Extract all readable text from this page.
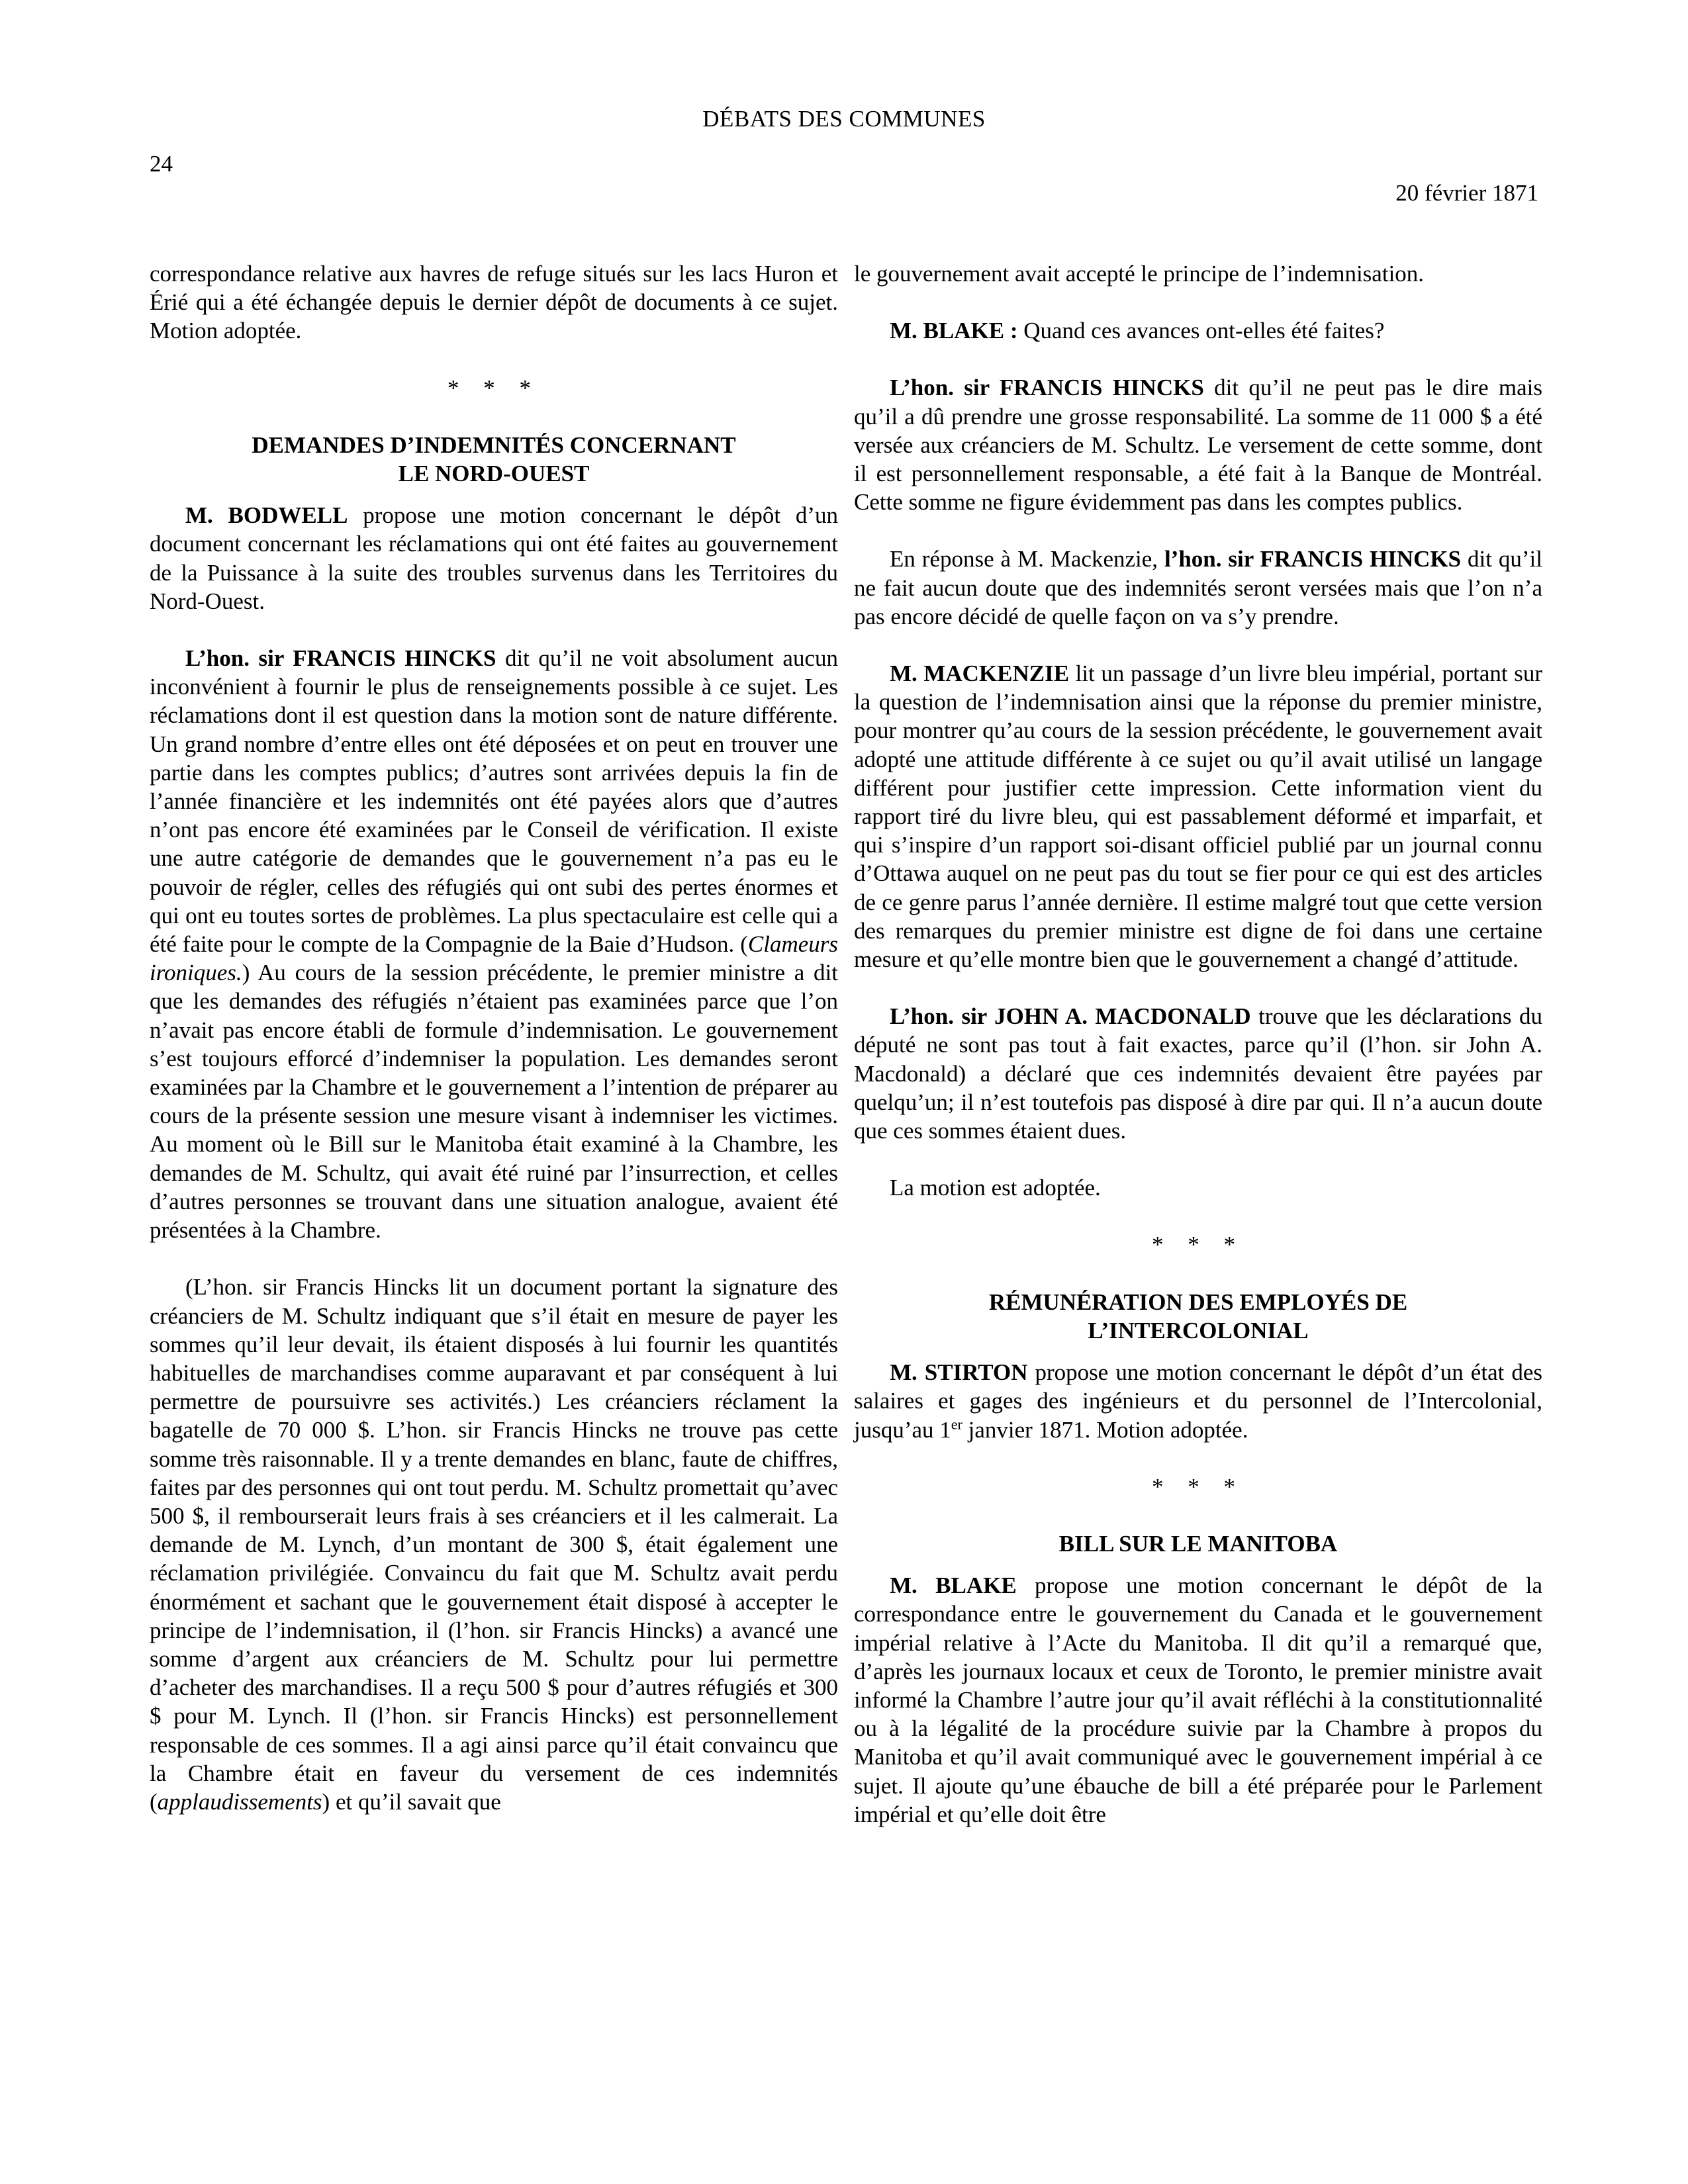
DÉBATS DES COMMUNES
24
20 février 1871

correspondance relative aux havres de refuge situés sur les lacs Huron et Érié qui a été échangée depuis le dernier dépôt de documents à ce sujet. Motion adoptée.

* * *
DEMANDES D’INDEMNITÉS CONCERNANT
LE NORD-OUEST

M. BODWELL propose une motion concernant le dépôt d’un document concernant les réclamations qui ont été faites au gouvernement de la Puissance à la suite des troubles survenus dans les Territoires du Nord-Ouest.

L’hon. sir FRANCIS HINCKS dit qu’il ne voit absolument aucun inconvénient à fournir le plus de renseignements possible à ce sujet. Les réclamations dont il est question dans la motion sont de nature différente. Un grand nombre d’entre elles ont été déposées et on peut en trouver une partie dans les comptes publics; d’autres sont arrivées depuis la fin de l’année financière et les indemnités ont été payées alors que d’autres n’ont pas encore été examinées par le Conseil de vérification. Il existe une autre catégorie de demandes que le gouvernement n’a pas eu le pouvoir de régler, celles des réfugiés qui ont subi des pertes énormes et qui ont eu toutes sortes de problèmes. La plus spectaculaire est celle qui a été faite pour le compte de la Compagnie de la Baie d’Hudson. (Clameurs ironiques.) Au cours de la session précédente, le premier ministre a dit que les demandes des réfugiés n’étaient pas examinées parce que l’on n’avait pas encore établi de formule d’indemnisation. Le gouvernement s’est toujours efforcé d’indemniser la population. Les demandes seront examinées par la Chambre et le gouvernement a l’intention de préparer au cours de la présente session une mesure visant à indemniser les victimes. Au moment où le Bill sur le Manitoba était examiné à la Chambre, les demandes de M. Schultz, qui avait été ruiné par l’insurrection, et celles d’autres personnes se trouvant dans une situation analogue, avaient été présentées à la Chambre.

(L’hon. sir Francis Hincks lit un document portant la signature des créanciers de M. Schultz indiquant que s’il était en mesure de payer les sommes qu’il leur devait, ils étaient disposés à lui fournir les quantités habituelles de marchandises comme auparavant et par conséquent à lui permettre de poursuivre ses activités.) Les créanciers réclament la bagatelle de 70 000 $. L’hon. sir Francis Hincks ne trouve pas cette somme très raisonnable. Il y a trente demandes en blanc, faute de chiffres, faites par des personnes qui ont tout perdu. M. Schultz promettait qu’avec 500 $, il rembourserait leurs frais à ses créanciers et il les calmerait. La demande de M. Lynch, d’un montant de 300 $, était également une réclamation privilégiée. Convaincu du fait que M. Schultz avait perdu énormément et sachant que le gouvernement était disposé à accepter le principe de l’indemnisation, il (l’hon. sir Francis Hincks) a avancé une somme d’argent aux créanciers de M. Schultz pour lui permettre d’acheter des marchandises. Il a reçu 500 $ pour d’autres réfugiés et 300 $ pour M. Lynch. Il (l’hon. sir Francis Hincks) est personnellement responsable de ces sommes. Il a agi ainsi parce qu’il était convaincu que la Chambre était en faveur du versement de ces indemnités (applaudissements) et qu’il savait que

le gouvernement avait accepté le principe de l’indemnisation.

M. BLAKE : Quand ces avances ont-elles été faites?

L’hon. sir FRANCIS HINCKS dit qu’il ne peut pas le dire mais qu’il a dû prendre une grosse responsabilité. La somme de 11 000 $ a été versée aux créanciers de M. Schultz. Le versement de cette somme, dont il est personnellement responsable, a été fait à la Banque de Montréal. Cette somme ne figure évidemment pas dans les comptes publics.

En réponse à M. Mackenzie, l’hon. sir FRANCIS HINCKS dit qu’il ne fait aucun doute que des indemnités seront versées mais que l’on n’a pas encore décidé de quelle façon on va s’y prendre.

M. MACKENZIE lit un passage d’un livre bleu impérial, portant sur la question de l’indemnisation ainsi que la réponse du premier ministre, pour montrer qu’au cours de la session précédente, le gouvernement avait adopté une attitude différente à ce sujet ou qu’il avait utilisé un langage différent pour justifier cette impression. Cette information vient du rapport tiré du livre bleu, qui est passablement déformé et imparfait, et qui s’inspire d’un rapport soi-disant officiel publié par un journal connu d’Ottawa auquel on ne peut pas du tout se fier pour ce qui est des articles de ce genre parus l’année dernière. Il estime malgré tout que cette version des remarques du premier ministre est digne de foi dans une certaine mesure et qu’elle montre bien que le gouvernement a changé d’attitude.

L’hon. sir JOHN A. MACDONALD trouve que les déclarations du député ne sont pas tout à fait exactes, parce qu’il (l’hon. sir John A. Macdonald) a déclaré que ces indemnités devaient être payées par quelqu’un; il n’est toutefois pas disposé à dire par qui. Il n’a aucun doute que ces sommes étaient dues.

La motion est adoptée.

* * *
RÉMUNÉRATION DES EMPLOYÉS DE
L’INTERCOLONIAL

M. STIRTON propose une motion concernant le dépôt d’un état des salaires et gages des ingénieurs et du personnel de l’Intercolonial, jusqu’au 1er janvier 1871. Motion adoptée.

* * *
BILL SUR LE MANITOBA

M. BLAKE propose une motion concernant le dépôt de la correspondance entre le gouvernement du Canada et le gouvernement impérial relative à l’Acte du Manitoba. Il dit qu’il a remarqué que, d’après les journaux locaux et ceux de Toronto, le premier ministre avait informé la Chambre l’autre jour qu’il avait réfléchi à la constitutionnalité ou à la légalité de la procédure suivie par la Chambre à propos du Manitoba et qu’il avait communiqué avec le gouvernement impérial à ce sujet. Il ajoute qu’une ébauche de bill a été préparée pour le Parlement impérial et qu’elle doit être
